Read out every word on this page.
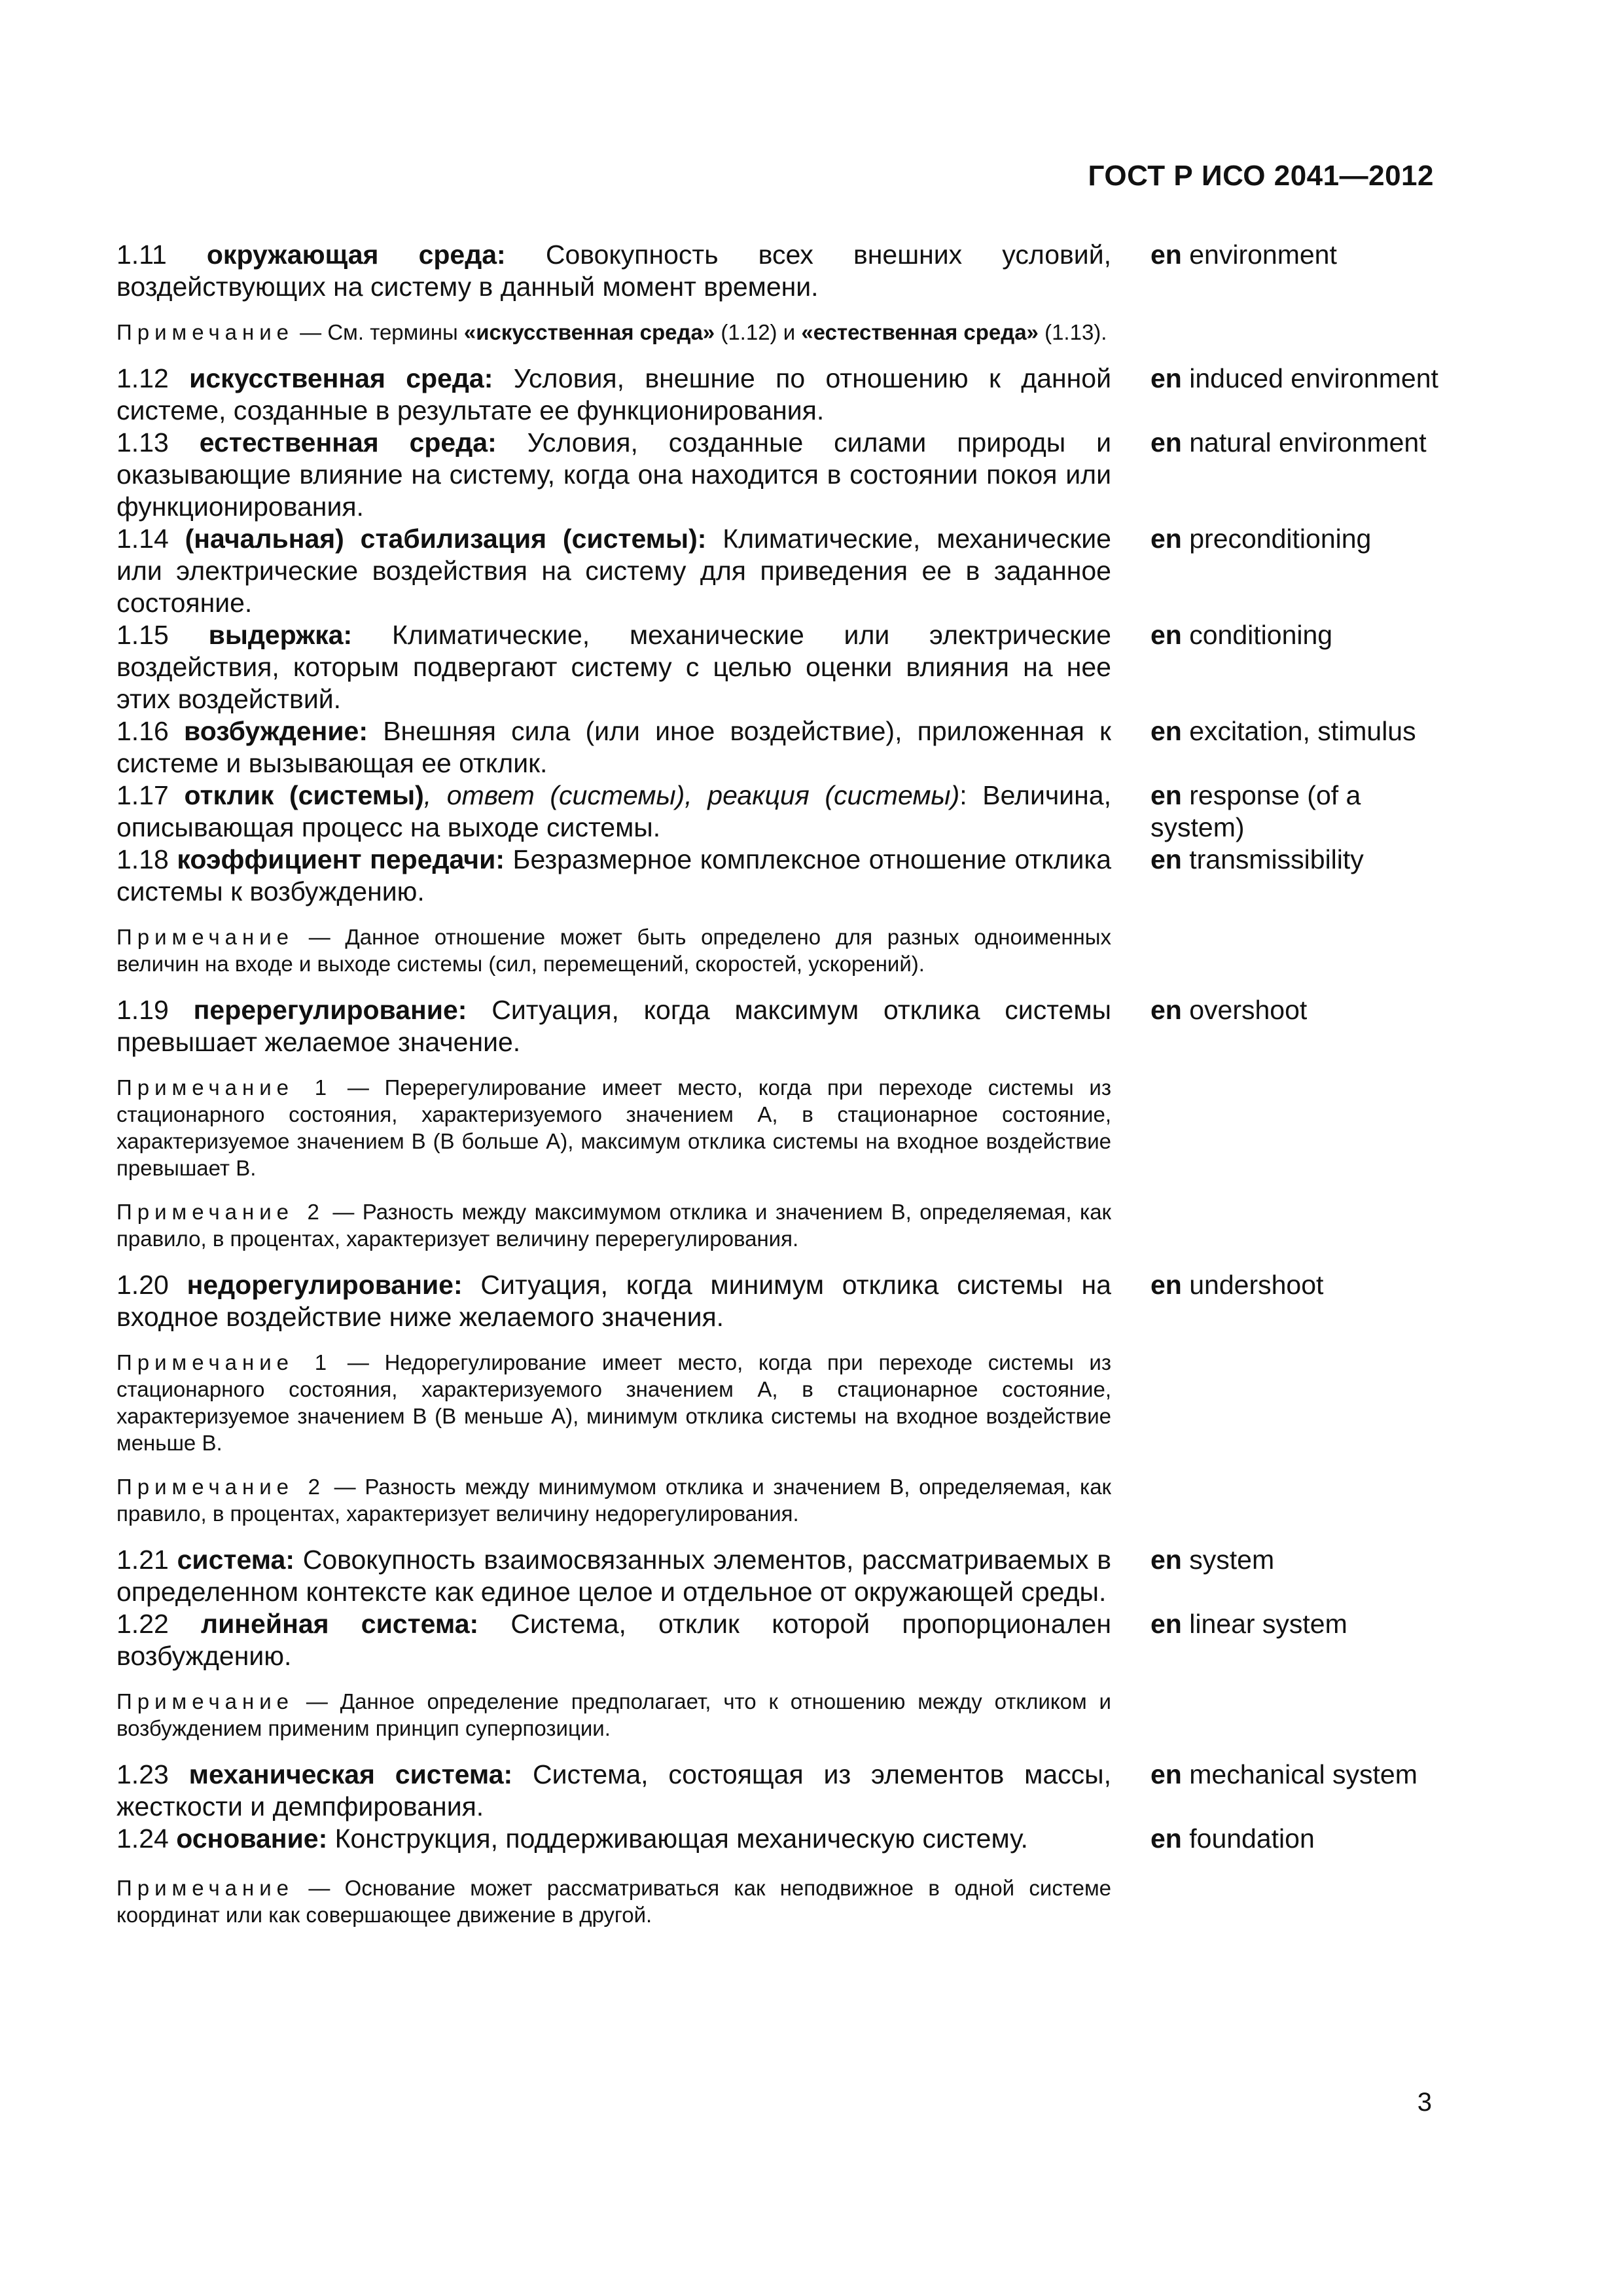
ГОСТ Р ИСО 2041—2012
1.11 окружающая среда: Совокупность всех внешних условий, воздействующих на систему в данный момент времени.
en environment
Примечание — См. термины «искусственная среда» (1.12) и «естественная среда» (1.13).
1.12 искусственная среда: Условия, внешние по отношению к данной системе, созданные в результате ее функционирования.
en induced environment
1.13 естественная среда: Условия, созданные силами природы и оказывающие влияние на систему, когда она находится в состоянии покоя или функционирования.
en natural environment
1.14 (начальная) стабилизация (системы): Климатические, механические или электрические воздействия на систему для приведения ее в заданное состояние.
en preconditioning
1.15 выдержка: Климатические, механические или электрические воздействия, которым подвергают систему с целью оценки влияния на нее этих воздействий.
en conditioning
1.16 возбуждение: Внешняя сила (или иное воздействие), приложенная к системе и вызывающая ее отклик.
en excitation, stimulus
1.17 отклик (системы), ответ (системы), реакция (системы): Величина, описывающая процесс на выходе системы.
en response (of a system)
1.18 коэффициент передачи: Безразмерное комплексное отношение отклика системы к возбуждению.
en transmissibility
Примечание — Данное отношение может быть определено для разных одноименных величин на входе и выходе системы (сил, перемещений, скоростей, ускорений).
1.19 перерегулирование: Ситуация, когда максимум отклика системы превышает желаемое значение.
en overshoot
Примечание 1 — Перерегулирование имеет место, когда при переходе системы из стационарного состояния, характеризуемого значением А, в стационарное состояние, характеризуемое значением В (В больше А), максимум отклика системы на входное воздействие превышает В.
Примечание 2 — Разность между максимумом отклика и значением В, определяемая, как правило, в процентах, характеризует величину перерегулирования.
1.20 недорегулирование: Ситуация, когда минимум отклика системы на входное воздействие ниже желаемого значения.
en undershoot
Примечание 1 — Недорегулирование имеет место, когда при переходе системы из стационарного состояния, характеризуемого значением А, в стационарное состояние, характеризуемое значением В (В меньше А), минимум отклика системы на входное воздействие меньше В.
Примечание 2 — Разность между минимумом отклика и значением В, определяемая, как правило, в процентах, характеризует величину недорегулирования.
1.21 система: Совокупность взаимосвязанных элементов, рассматриваемых в определенном контексте как единое целое и отдельное от окружающей среды.
en system
1.22 линейная система: Система, отклик которой пропорционален возбуждению.
en linear system
Примечание — Данное определение предполагает, что к отношению между откликом и возбуждением применим принцип суперпозиции.
1.23 механическая система: Система, состоящая из элементов массы, жесткости и демпфирования.
en mechanical system
1.24 основание: Конструкция, поддерживающая механическую систему.	en foundation
Примечание — Основание может рассматриваться как неподвижное в одной системе координат или как совершающее движение в другой.
3
